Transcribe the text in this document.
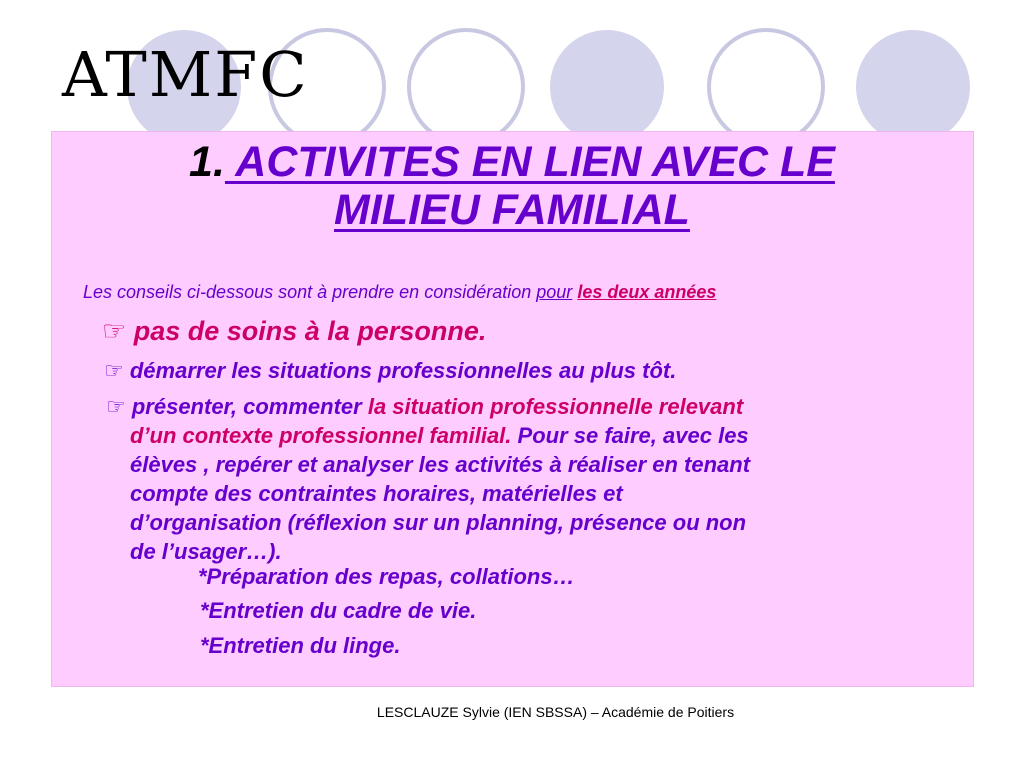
ATMFC
1. ACTIVITES EN LIEN AVEC LE
MILIEU FAMILIAL
Les conseils ci-dessous sont à prendre en considération pour les deux années
☞ pas de soins à la personne.
☞ démarrer les situations professionnelles au plus tôt.
☞ présenter, commenter la situation professionnelle relevant
d’un contexte professionnel familial. Pour se faire, avec les
élèves , repérer et analyser les activités à réaliser en tenant
compte des contraintes horaires, matérielles et
d’organisation (réflexion sur un planning, présence ou non
de l’usager…).
*Préparation des repas, collations…
*Entretien du cadre de vie.
*Entretien du linge.
LESCLAUZE Sylvie (IEN SBSSA) – Académie de Poitiers
